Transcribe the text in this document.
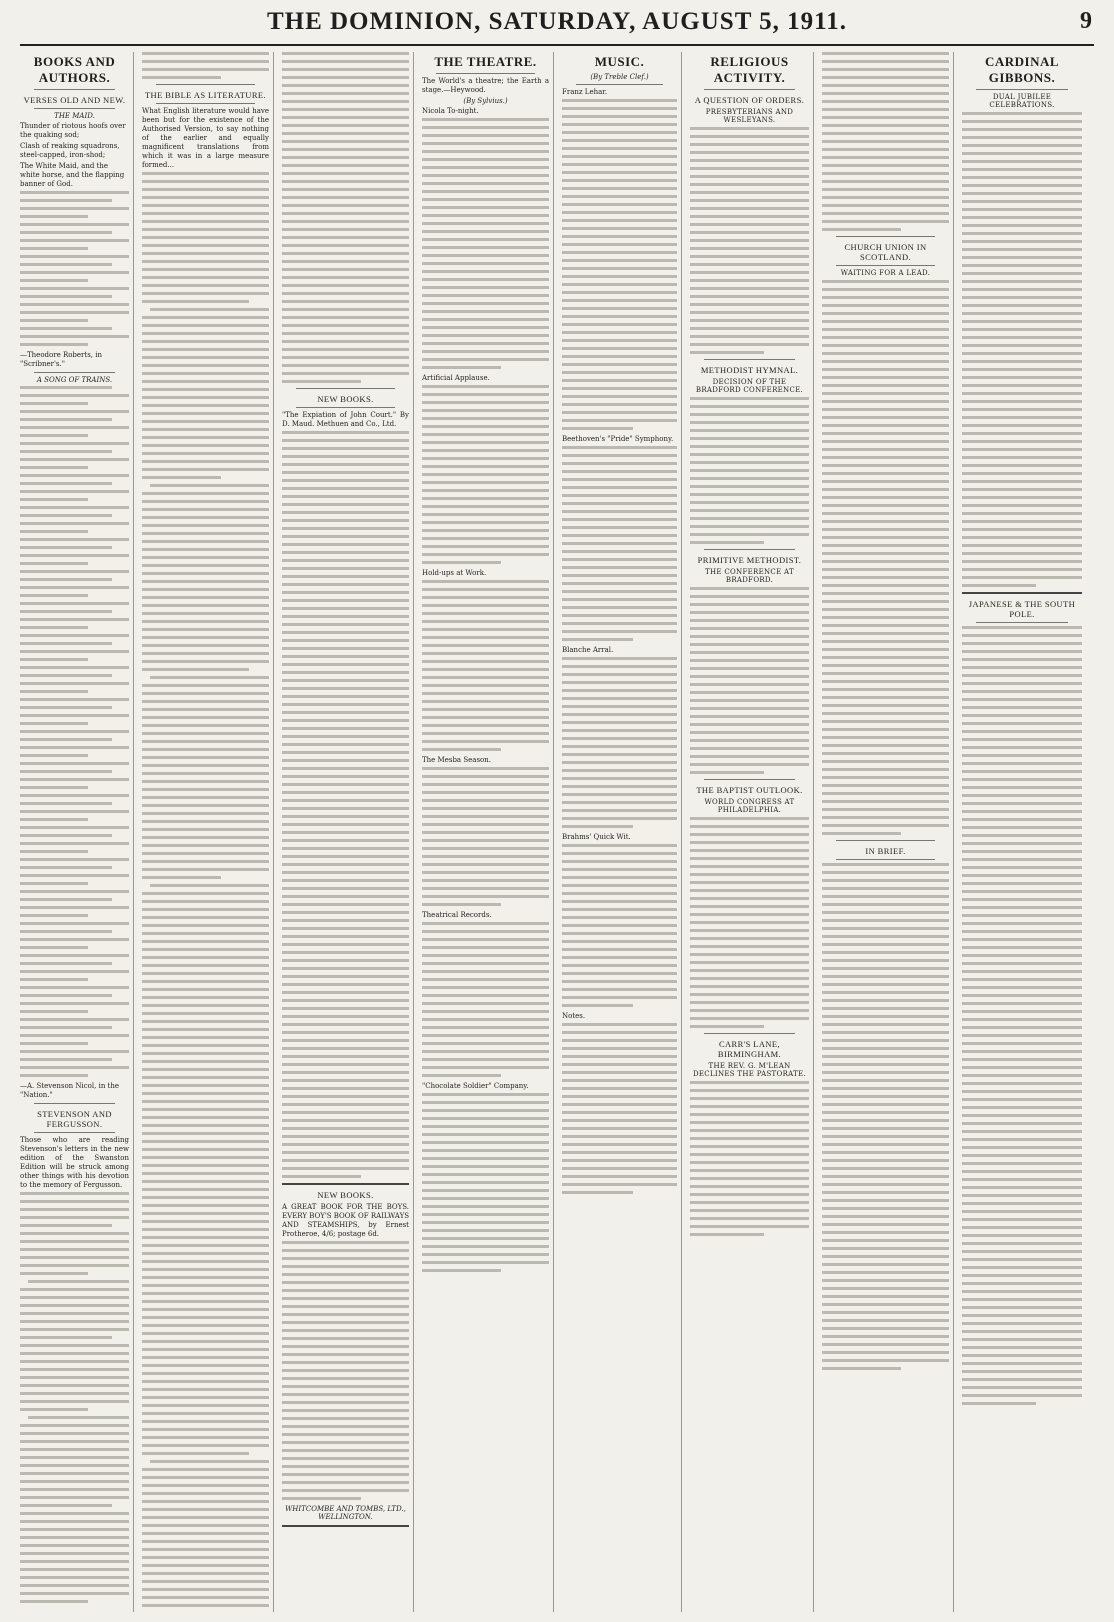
THE DOMINION, SATURDAY, AUGUST 5, 1911.	9
BOOKS AND AUTHORS.
VERSES OLD AND NEW.
THE MAID.
Thunder of riotous hoofs over the quaking sod;
Clash of reaking squadrons, steel-capped, iron-shod;
The White Maid, and the white horse, and the flapping banner of God.
—Theodore Roberts, in "Scribner's."
A SONG OF TRAINS.
—A. Stevenson Nicol, in the "Nation."
STEVENSON AND FERGUSSON.
Those who are reading Stevenson's letters in the new edition of the Swanston Edition will be struck among other things with his devotion to the memory of Fergusson.
THE BIBLE AS LITERATURE.
What English literature would have been but for the existence of the Authorised Version, to say nothing of the earlier and equally magnificent translations from which it was in a large measure formed...
NEW BOOKS.
"The Expiation of John Court." By D. Maud. Methuen and Co., Ltd.
NEW BOOKS.
A GREAT BOOK FOR THE BOYS. EVERY BOY'S BOOK OF RAILWAYS AND STEAMSHIPS, by Ernest Protheroe, 4/6; postage 6d.
WHITCOMBE AND TOMBS, LTD., WELLINGTON.
THE THEATRE.
The World's a theatre; the Earth a stage.—Heywood.
(By Sylvius.)
Nicola To-night.
Artificial Applause.
Hold-ups at Work.
The Mesba Season.
Theatrical Records.
"Chocolate Soldier" Company.
MUSIC.
(By Treble Clef.)
Franz Lehar.
Beethoven's "Pride" Symphony.
Blanche Arral.
Brahms' Quick Wit.
Notes.
RELIGIOUS ACTIVITY.
A QUESTION OF ORDERS.
PRESBYTERIANS AND WESLEYANS.
METHODIST HYMNAL.
DECISION OF THE BRADFORD CONFERENCE.
PRIMITIVE METHODIST.
THE CONFERENCE AT BRADFORD.
THE BAPTIST OUTLOOK.
WORLD CONGRESS AT PHILADELPHIA.
CARR'S LANE, BIRMINGHAM.
THE REV. G. M'LEAN DECLINES THE PASTORATE.
CHURCH UNION IN SCOTLAND.
WAITING FOR A LEAD.
IN BRIEF.
CARDINAL GIBBONS.
DUAL JUBILEE CELEBRATIONS.
JAPANESE & THE SOUTH POLE.
